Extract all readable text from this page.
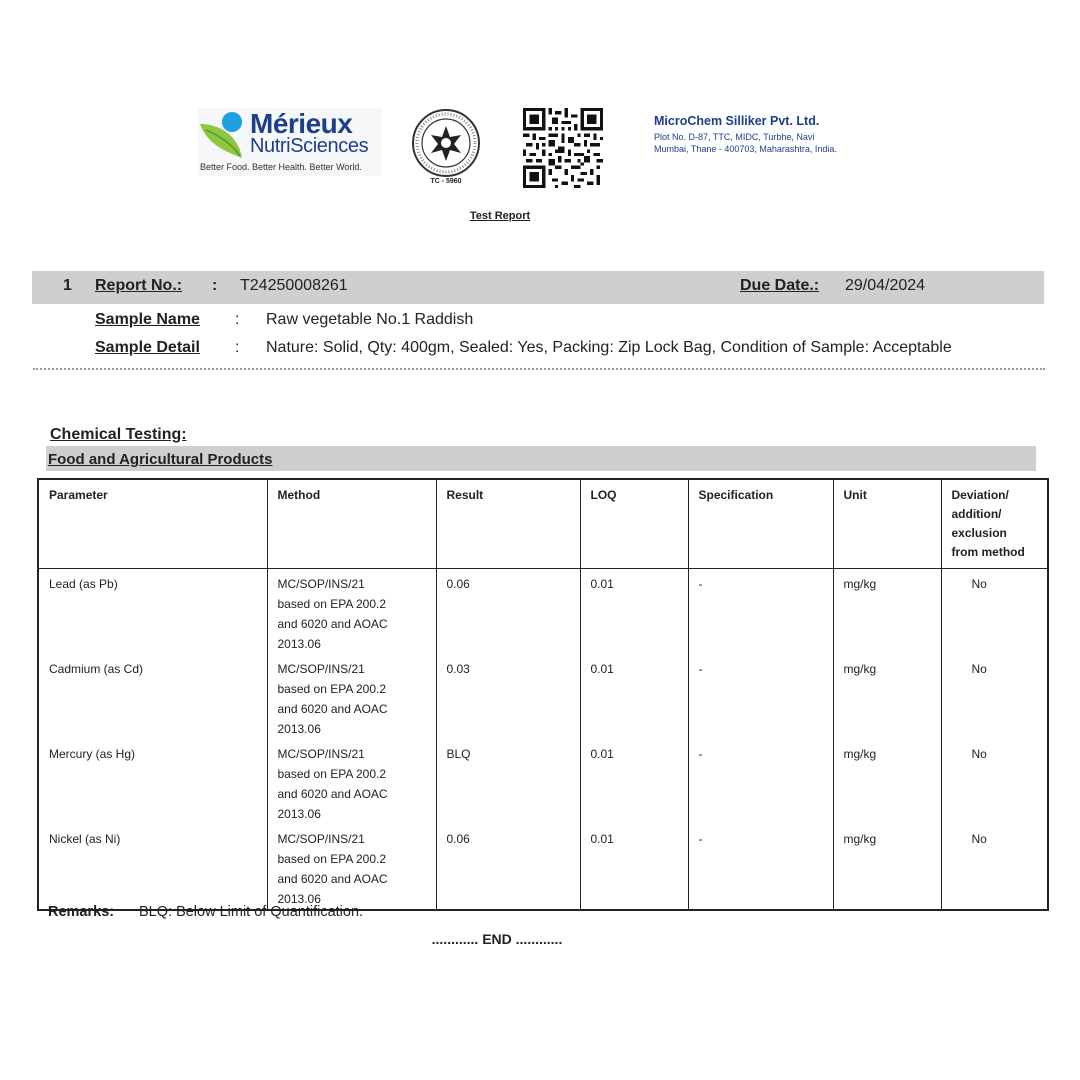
Mérieux
NutriSciences
Better Food. Better Health. Better World.
TC - 5960
MicroChem Silliker Pvt. Ltd.
Plot No. D-87, TTC, MIDC, Turbhe, Navi
Mumbai, Thane - 400703, Maharashtra, India.
Test Report
1 Report No.: : T24250008261	Due Date.: 29/04/2024
Sample Name : Raw vegetable No.1 Raddish
Sample Detail : Nature: Solid, Qty: 400gm, Sealed: Yes, Packing: Zip Lock Bag, Condition of Sample: Acceptable
Chemical Testing:
Food and Agricultural Products
Parameter	Method	Result	LOQ	Specification	Unit	Deviation/
addition/
exclusion
from method

Lead (as Pb)	MC/SOP/INS/21
based on EPA 200.2
and 6020 and AOAC
2013.06	0.06	0.01	-	mg/kg	No
Cadmium (as Cd)	MC/SOP/INS/21
based on EPA 200.2
and 6020 and AOAC
2013.06	0.03	0.01	-	mg/kg	No
Mercury (as Hg)	MC/SOP/INS/21
based on EPA 200.2
and 6020 and AOAC
2013.06	BLQ	0.01	-	mg/kg	No
Nickel (as Ni)	MC/SOP/INS/21
based on EPA 200.2
and 6020 and AOAC
2013.06	0.06	0.01	-	mg/kg	No
Remarks: BLQ: Below Limit of Quantification.
............ END ............
